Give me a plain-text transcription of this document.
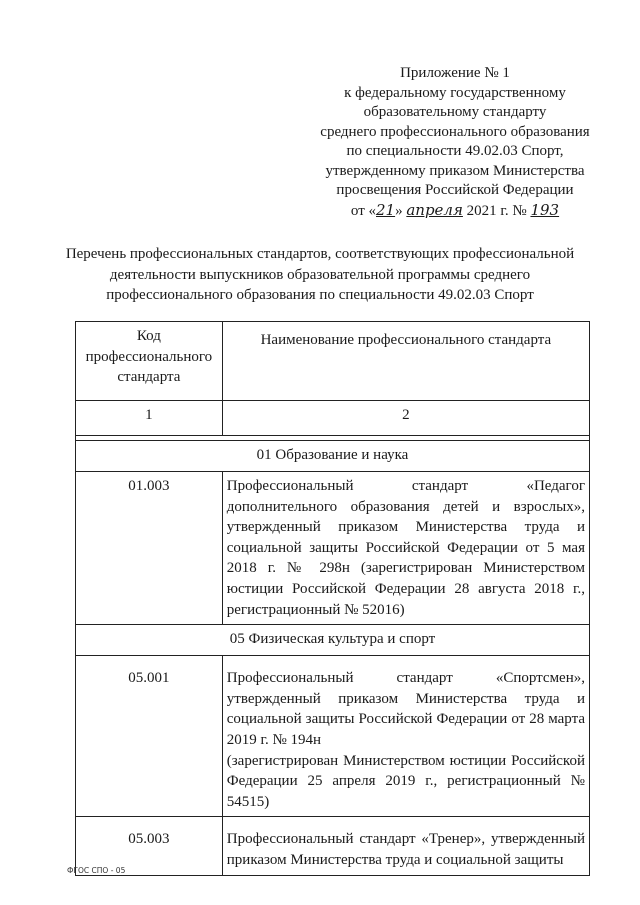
Приложение № 1
к федеральному государственному
образовательному стандарту
среднего профессионального образования
по специальности 49.02.03 Спорт,
утвержденному приказом Министерства
просвещения Российской Федерации
от «21» апреля 2021 г. № 193
Перечень профессиональных стандартов, соответствующих профессиональной
деятельности выпускников образовательной программы среднего
профессионального образования по специальности 49.02.03 Спорт
Код профессионального стандарта	Наименование профессионального стандарта
1	2

01 Образование и наука	
01.003	Профессиональный стандарт «Педагог дополнительного образования детей и взрослых», утвержденный приказом Министерства труда и социальной защиты Российской Федерации от 5 мая 2018 г. № 298н (зарегистрирован Министерством юстиции Российской Федерации 28 августа 2018 г., регистрационный № 52016)

05 Физическая культура и спорт	
05.001	Профессиональный стандарт «Спортсмен», утвержденный приказом Министерства труда и социальной защиты Российской Федерации от 28 марта 2019 г. № 194н
(зарегистрирован Министерством юстиции Российской Федерации 25 апреля 2019 г., регистрационный № 54515)

05.003	Профессиональный стандарт «Тренер», утвержденный приказом Министерства труда и социальной защиты
ФГОС СПО - 05
